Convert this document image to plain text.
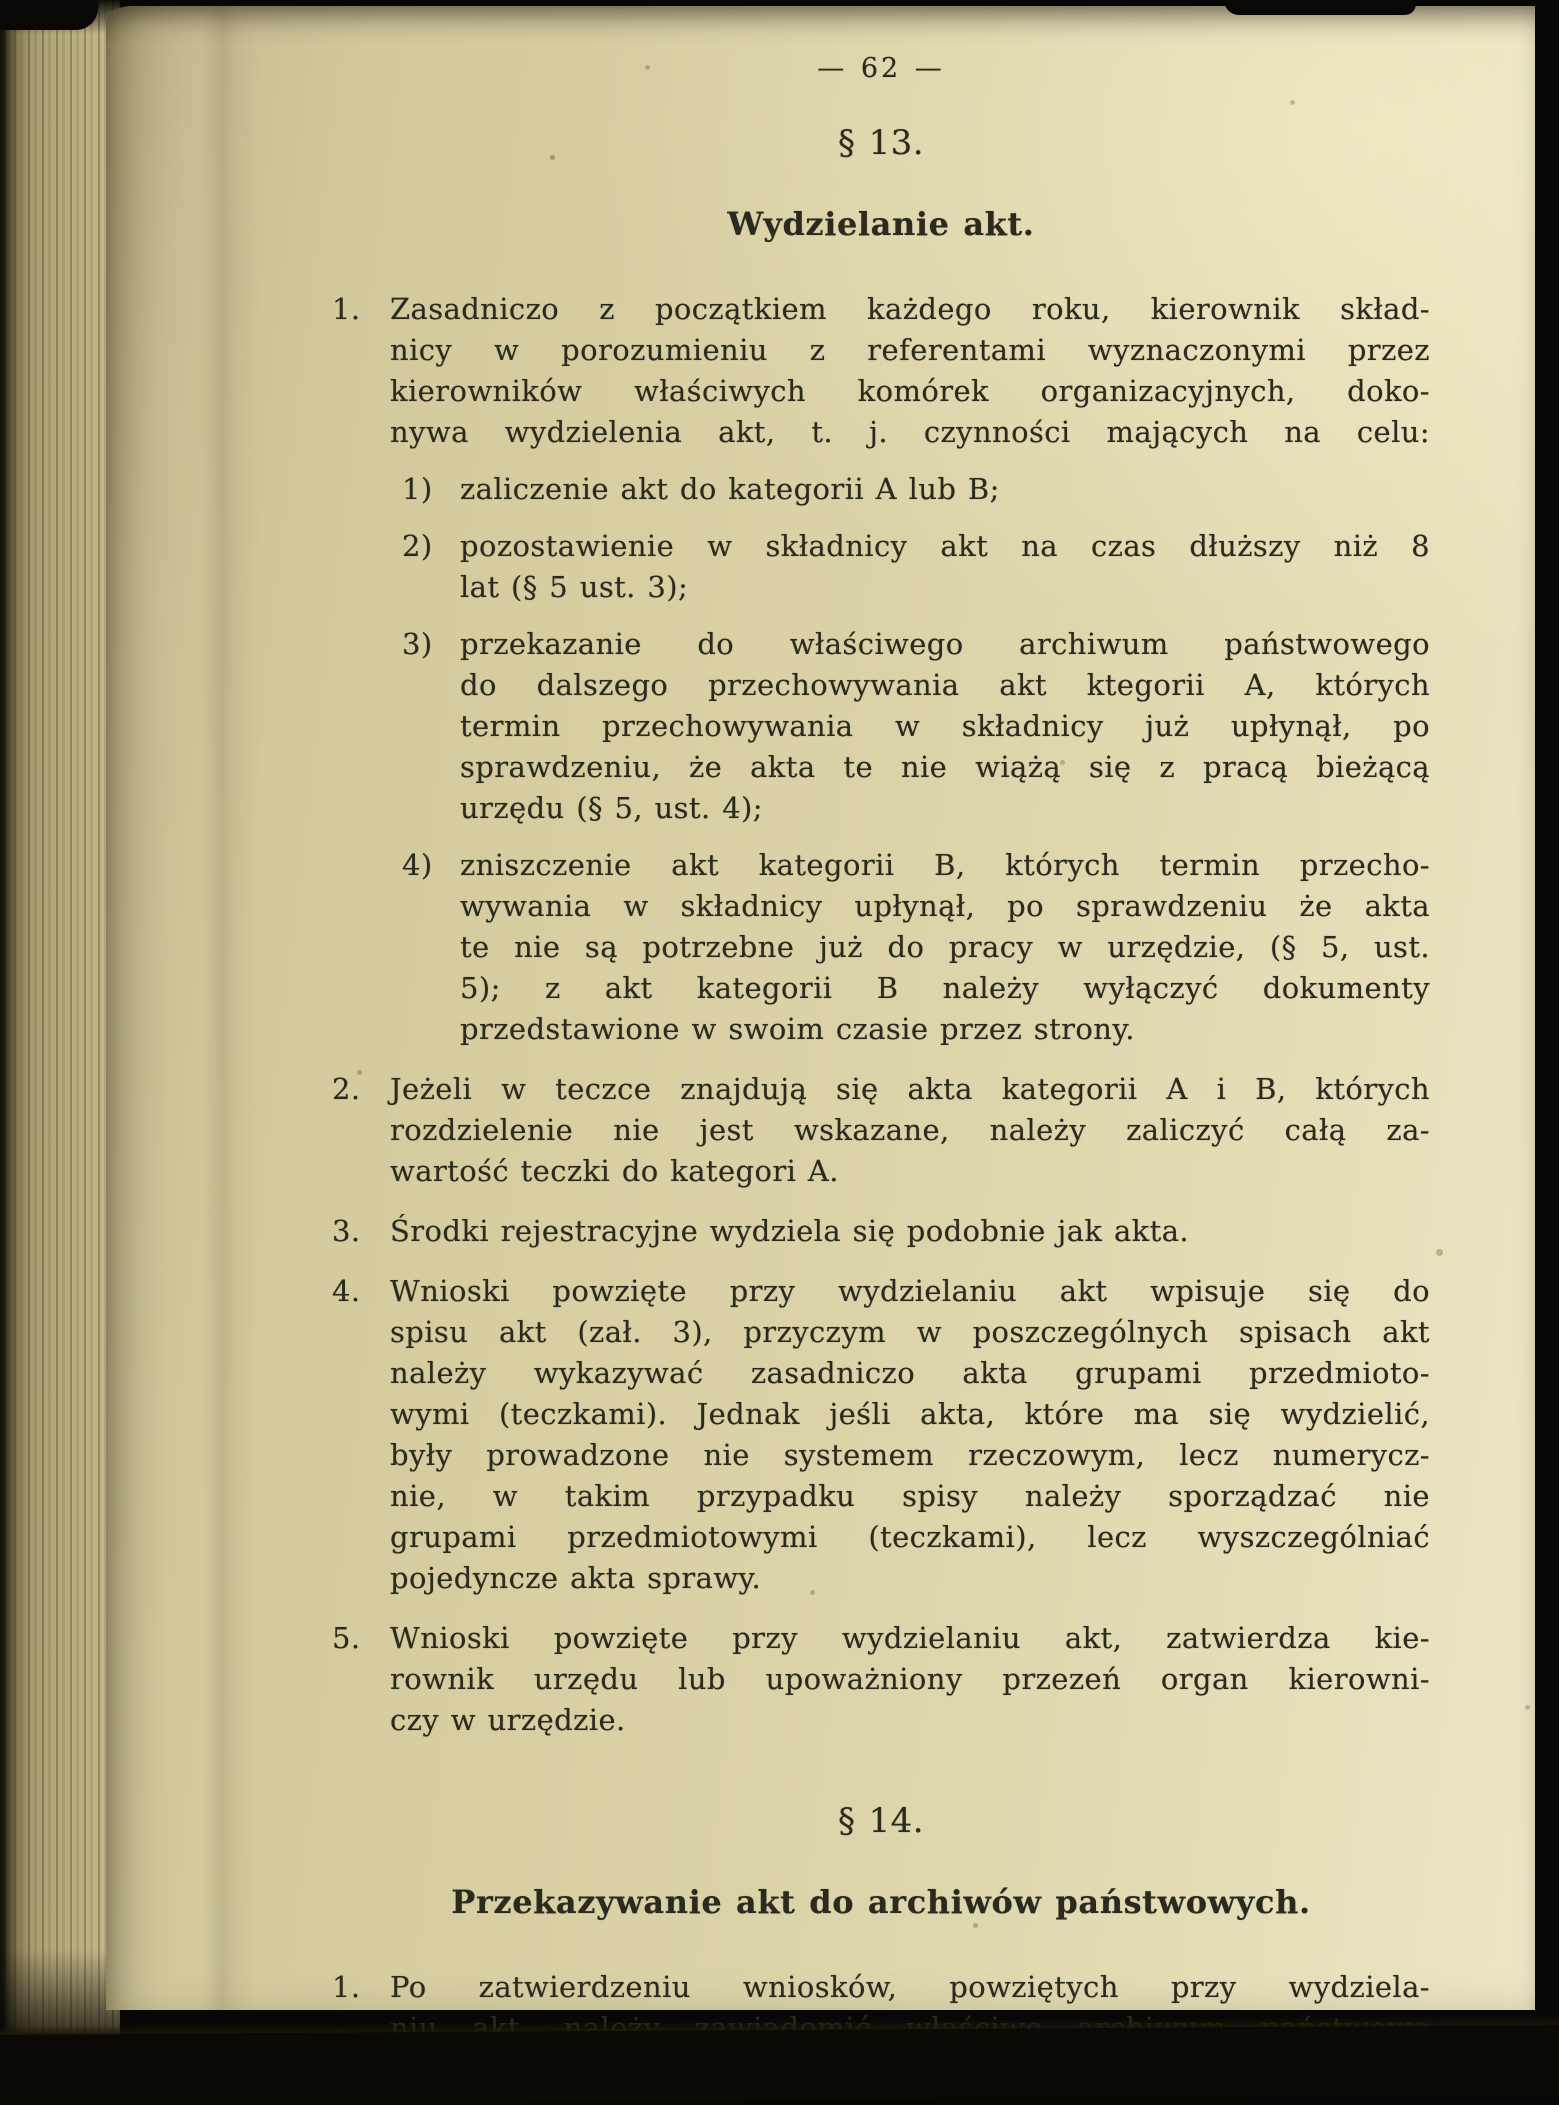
— 62 —
§ 13.
Wydzielanie akt.
1.	Zasadniczo z początkiem każdego roku, kierownik skład-
nicy w porozumieniu z referentami wyznaczonymi przez
kierowników właściwych komórek organizacyjnych, doko-
nywa wydzielenia akt, t. j. czynności mających na celu:
1) zaliczenie akt do kategorii A lub B;
2) pozostawienie w składnicy akt na czas dłuższy niż 8
lat (§ 5 ust. 3);
3) przekazanie do właściwego archiwum państwowego
do dalszego przechowywania akt ktegorii A, których
termin przechowywania w składnicy już upłynął, po
sprawdzeniu, że akta te nie wiążą się z pracą bieżącą
urzędu (§ 5, ust. 4);
4) zniszczenie akt kategorii B, których termin przecho-
wywania w składnicy upłynął, po sprawdzeniu że akta
te nie są potrzebne już do pracy w urzędzie, (§ 5, ust.
5); z akt kategorii B należy wyłączyć dokumenty
przedstawione w swoim czasie przez strony.
2.	Jeżeli w teczce znajdują się akta kategorii A i B, których
rozdzielenie nie jest wskazane, należy zaliczyć całą za-
wartość teczki do kategori A.
3.	Środki rejestracyjne wydziela się podobnie jak akta.
4.	Wnioski powzięte przy wydzielaniu akt wpisuje się do
spisu akt (zał. 3), przyczym w poszczególnych spisach akt
należy wykazywać zasadniczo akta grupami przedmioto-
wymi (teczkami). Jednak jeśli akta, które ma się wydzielić,
były prowadzone nie systemem rzeczowym, lecz numerycz-
nie, w takim przypadku spisy należy sporządzać nie
grupami przedmiotowymi (teczkami), lecz wyszczególniać
pojedyncze akta sprawy.
5.	Wnioski powzięte przy wydzielaniu akt, zatwierdza kie-
rownik urzędu lub upoważniony przezeń organ kierowni-
czy w urzędzie.
§ 14.
Przekazywanie akt do archiwów państwowych.
1.	Po zatwierdzeniu wniosków, powziętych przy wydziela-
